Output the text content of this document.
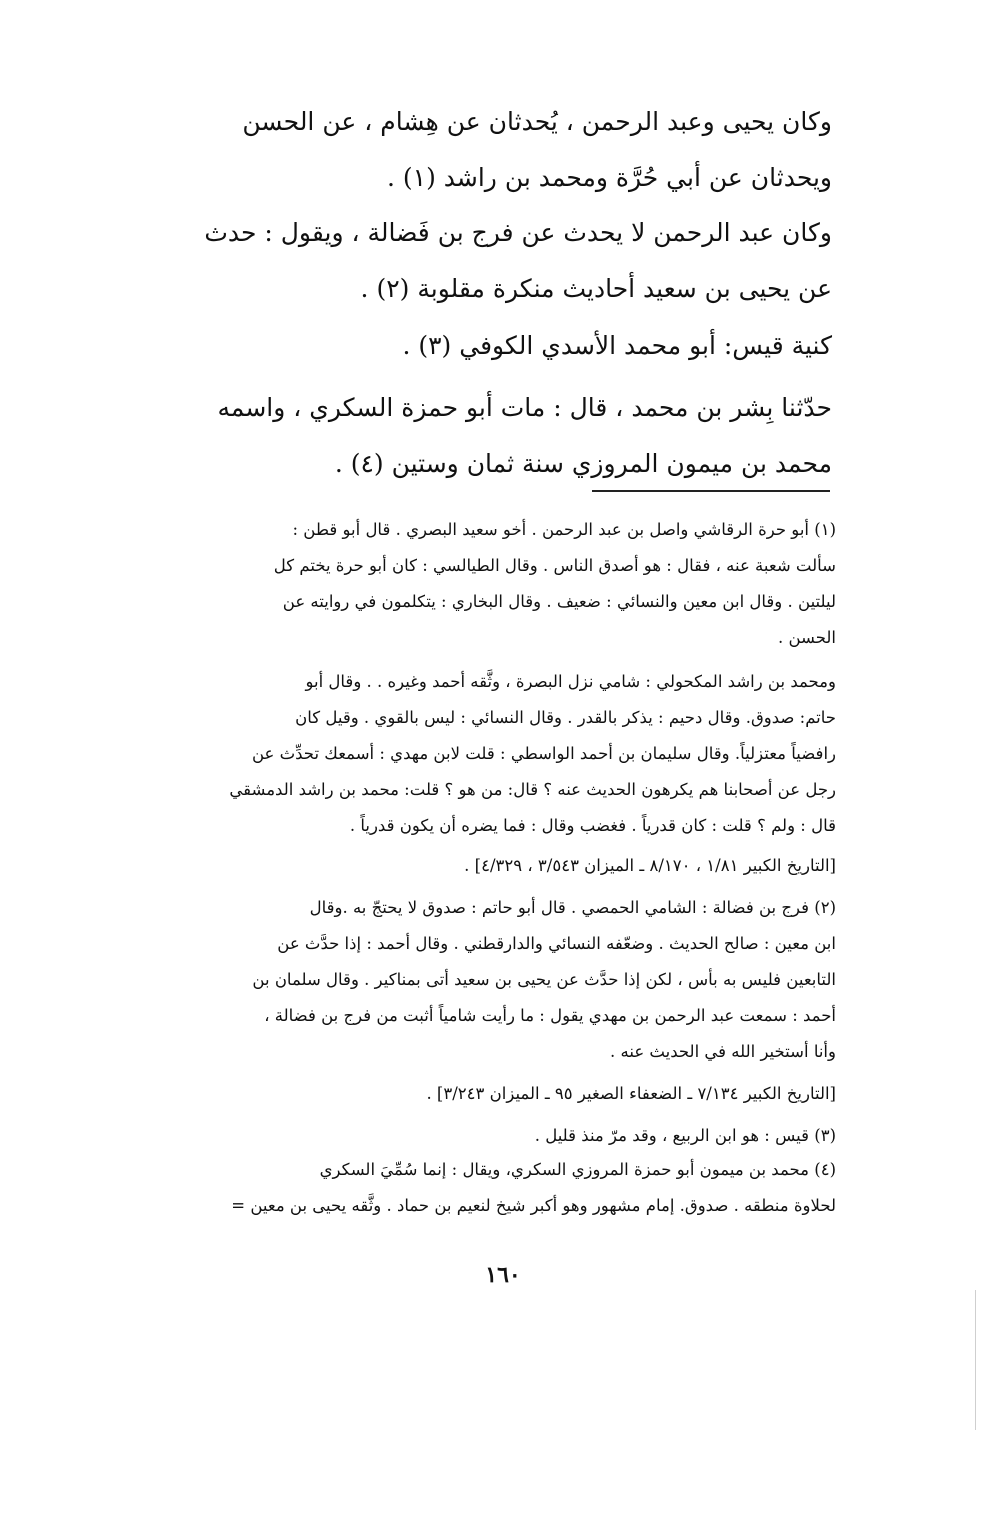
وكان يحيى وعبد الرحمن ، يُحدثان عن هِشام ، عن الحسن
ويحدثان عن أبي حُرَّة ومحمد بن راشد (١) .
وكان عبد الرحمن لا يحدث عن فرج بن فَضالة ، ويقول : حدث
عن يحيى بن سعيد أحاديث منكرة مقلوبة (٢) .
كنية قيس: أبو محمد الأسدي الكوفي (٣) .
حدّثنا بِشر بن محمد ، قال : مات أبو حمزة السكري ، واسمه
محمد بن ميمون المروزي سنة ثمان وستين (٤) .
(١) أبو حرة الرقاشي واصل بن عبد الرحمن . أخو سعيد البصري . قال أبو قطن :
سألت شعبة عنه ، فقال : هو أصدق الناس . وقال الطيالسي : كان أبو حرة يختم كل
ليلتين . وقال ابن معين والنسائي : ضعيف . وقال البخاري : يتكلمون في روايته عن
الحسن .
ومحمد بن راشد المكحولي : شامي نزل البصرة ، وثَّقه أحمد وغيره . . وقال أبو
حاتم: صدوق. وقال دحيم : يذكر بالقدر . وقال النسائي : ليس بالقوي . وقيل كان
رافضياً معتزلياً. وقال سليمان بن أحمد الواسطي : قلت لابن مهدي : أسمعك تحدِّث عن
رجل عن أصحابنا هم يكرهون الحديث عنه ؟ قال: من هو ؟ قلت: محمد بن راشد الدمشقي
قال : ولم ؟ قلت : كان قدرياً . فغضب وقال : فما يضره أن يكون قدرياً .
[التاريخ الكبير ١/٨١ ، ٨/١٧٠ ـ الميزان ٣/٥٤٣ ، ٤/٣٢٩] .
(٢) فرج بن فضالة : الشامي الحمصي . قال أبو حاتم : صدوق لا يحتجّ به .وقال
ابن معين : صالح الحديث . وضعّفه النسائي والدارقطني . وقال أحمد : إذا حدَّث عن
التابعين فليس به بأس ، لكن إذا حدَّث عن يحيى بن سعيد أتى بمناكير . وقال سلمان بن
أحمد : سمعت عبد الرحمن بن مهدي يقول : ما رأيت شامياً أثبت من فرج بن فضالة ،
وأنا أستخير الله في الحديث عنه .
[التاريخ الكبير ٧/١٣٤ ـ الضعفاء الصغير ٩٥ ـ الميزان ٣/٢٤٣] .
(٣) قيس : هو ابن الربيع ، وقد مرّ منذ قليل .
(٤) محمد بن ميمون أبو حمزة المروزي السكري، ويقال : إنما سُمِّيَ السكري
لحلاوة منطقه . صدوق. إمام مشهور وهو أكبر شيخ لنعيم بن حماد . وثَّقه يحيى بن معين =
١٦٠
